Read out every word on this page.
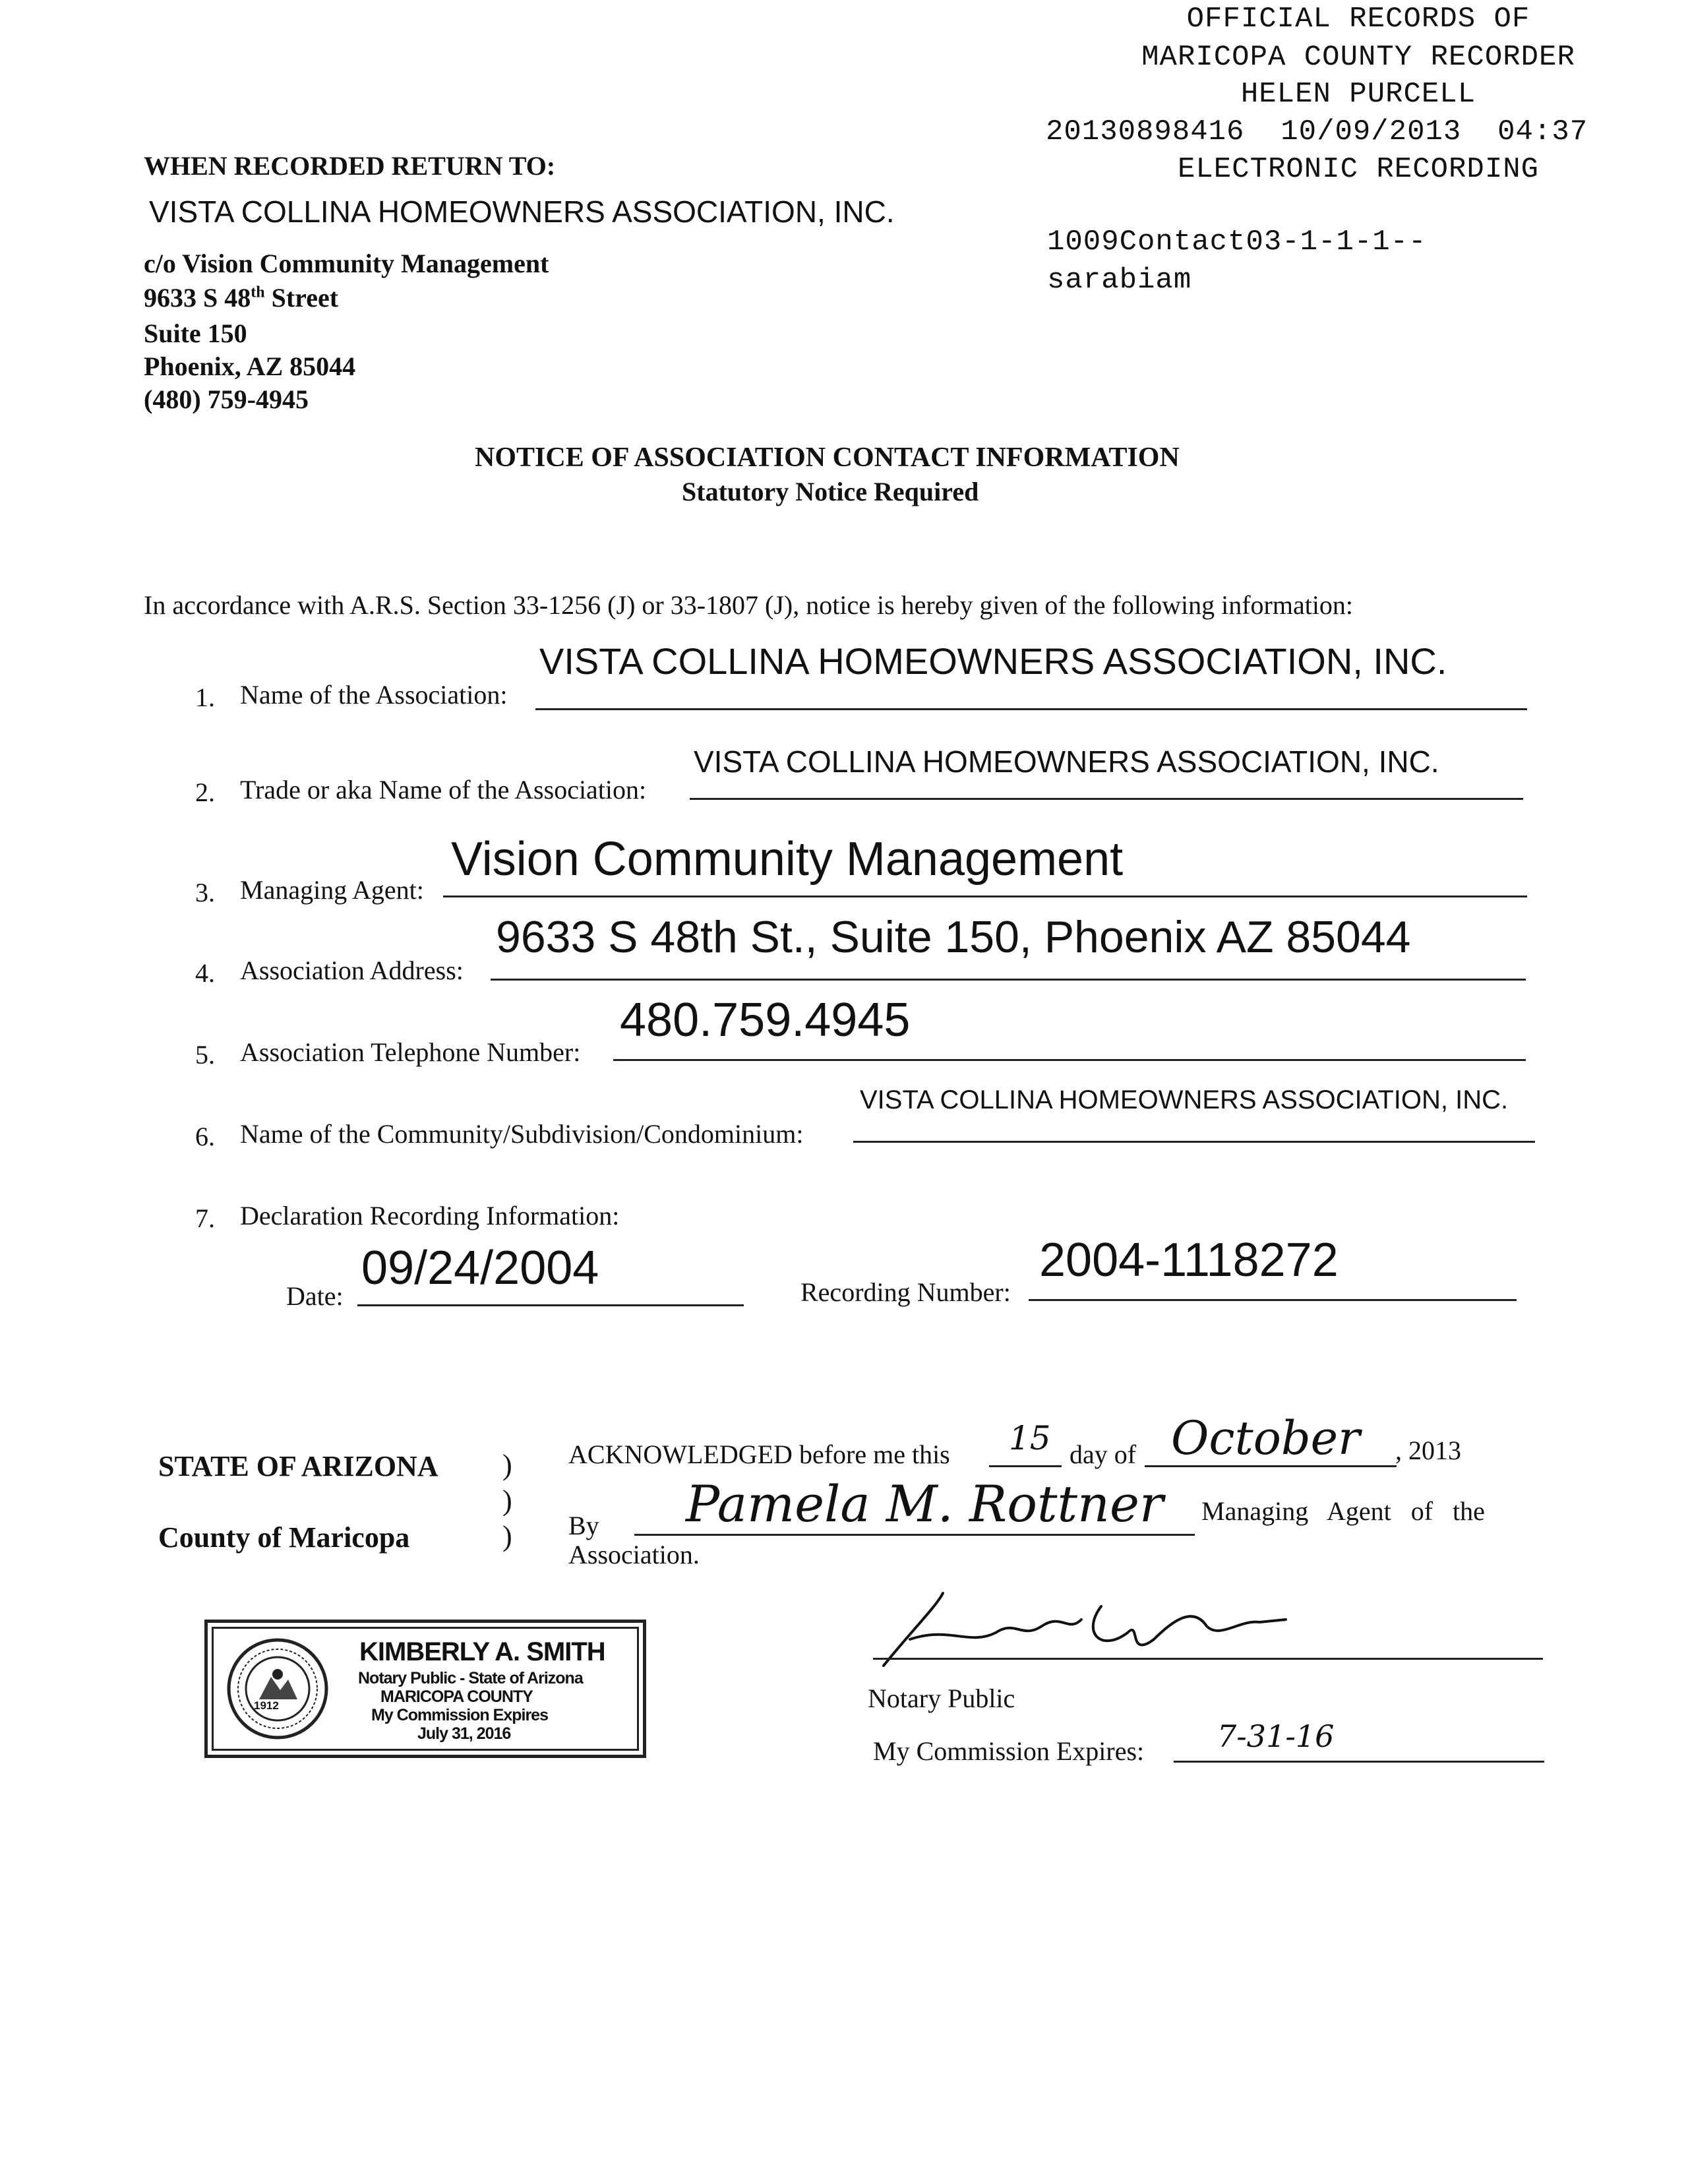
OFFICIAL RECORDS OF
MARICOPA COUNTY RECORDER
HELEN PURCELL
20130898416  10/09/2013  04:37
ELECTRONIC RECORDING
1009Contact03-1-1-1--
sarabiam
WHEN RECORDED RETURN TO:
VISTA COLLINA HOMEOWNERS ASSOCIATION, INC.
c/o Vision Community Management
9633 S 48th Street
Suite 150
Phoenix, AZ 85044
(480) 759-4945
NOTICE OF ASSOCIATION CONTACT INFORMATION
Statutory Notice Required
In accordance with A.R.S. Section 33-1256 (J) or 33-1807 (J), notice is hereby given of the following information:
1. Name of the Association:
VISTA COLLINA HOMEOWNERS ASSOCIATION, INC.
2. Trade or aka Name of the Association:
VISTA COLLINA HOMEOWNERS ASSOCIATION, INC.
3. Managing Agent:
Vision Community Management
4. Association Address:
9633 S 48th St., Suite 150, Phoenix AZ 85044
5. Association Telephone Number:
480.759.4945
6. Name of the Community/Subdivision/Condominium:
VISTA COLLINA HOMEOWNERS ASSOCIATION, INC.
7. Declaration Recording Information:
Date:
09/24/2004	Recording Number:
2004-1118272
STATE OF ARIZONA
County of Maricopa
)
)
)
ACKNOWLEDGED before me this 15 day of October , 2013
By Pamela M. Rottner Managing   Agent   of   the
Association.
1912
KIMBERLY A. SMITH
Notary Public - State of Arizona
MARICOPA COUNTY
My Commission Expires
July 31, 2016
Notary Public
My Commission Expires: 7-31-16
